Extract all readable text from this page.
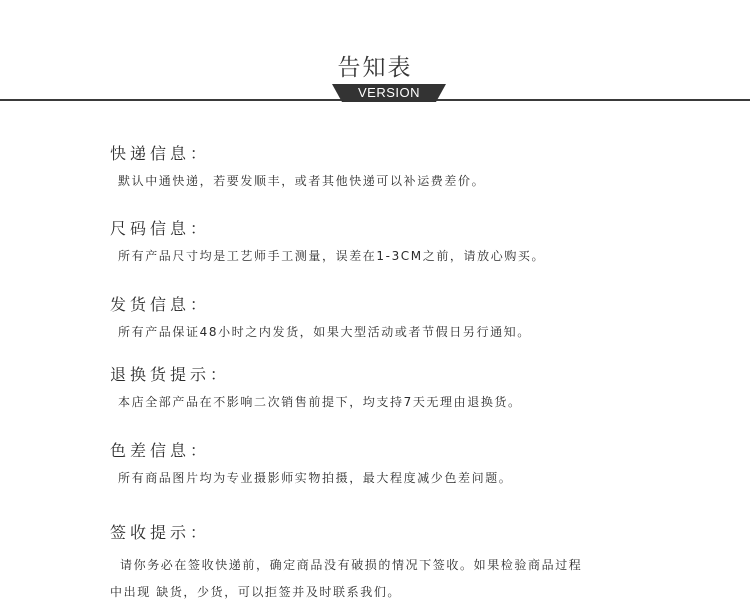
告知表
VERSION
快递信息：
默认中通快递，若要发顺丰，或者其他快递可以补运费差价。
尺码信息：
所有产品尺寸均是工艺师手工测量，误差在1-3CM之前，请放心购买。
发货信息：
所有产品保证48小时之内发货，如果大型活动或者节假日另行通知。
退换货提示：
本店全部产品在不影响二次销售前提下，均支持7天无理由退换货。
色差信息：
所有商品图片均为专业摄影师实物拍摄，最大程度减少色差问题。
签收提示：
请你务必在签收快递前，确定商品没有破损的情况下签收。如果检验商品过程
中出现 缺货，少货，可以拒签并及时联系我们。
